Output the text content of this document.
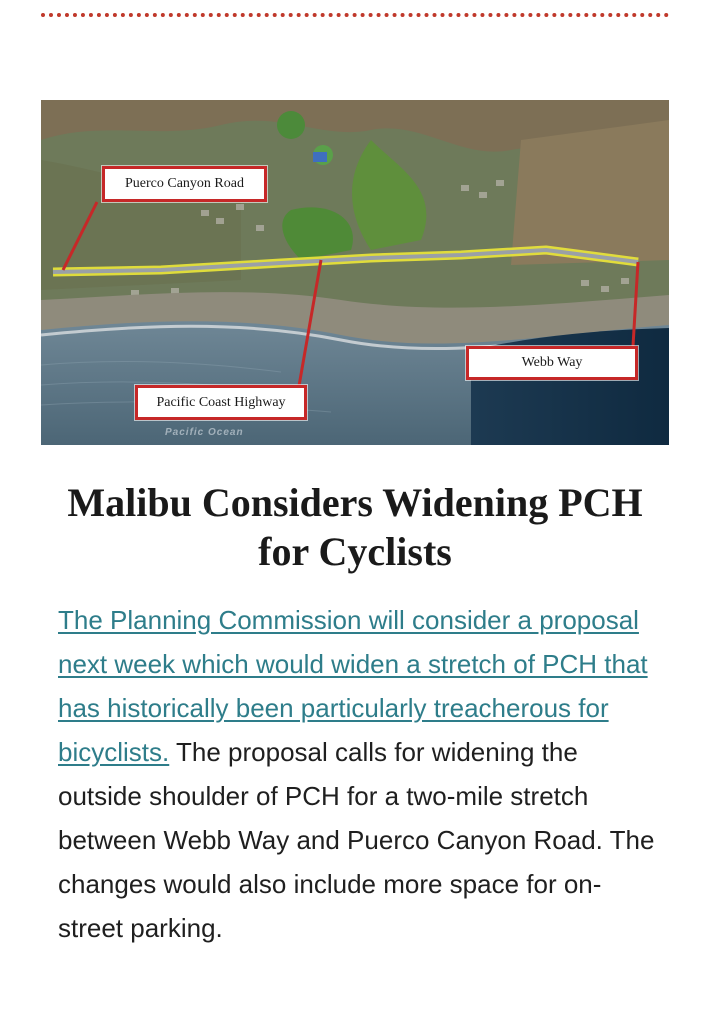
Puerco Canyon Road
Webb Way
Pacific Coast Highway
Pacific Ocean
Malibu Considers Widening PCH for Cyclists

The Planning Commission will consider a proposal next week which would widen a stretch of PCH that has historically been particularly treacherous for bicyclists. The proposal calls for widening the outside shoulder of PCH for a two-mile stretch between Webb Way and Puerco Canyon Road. The changes would also include more space for on-street parking.
